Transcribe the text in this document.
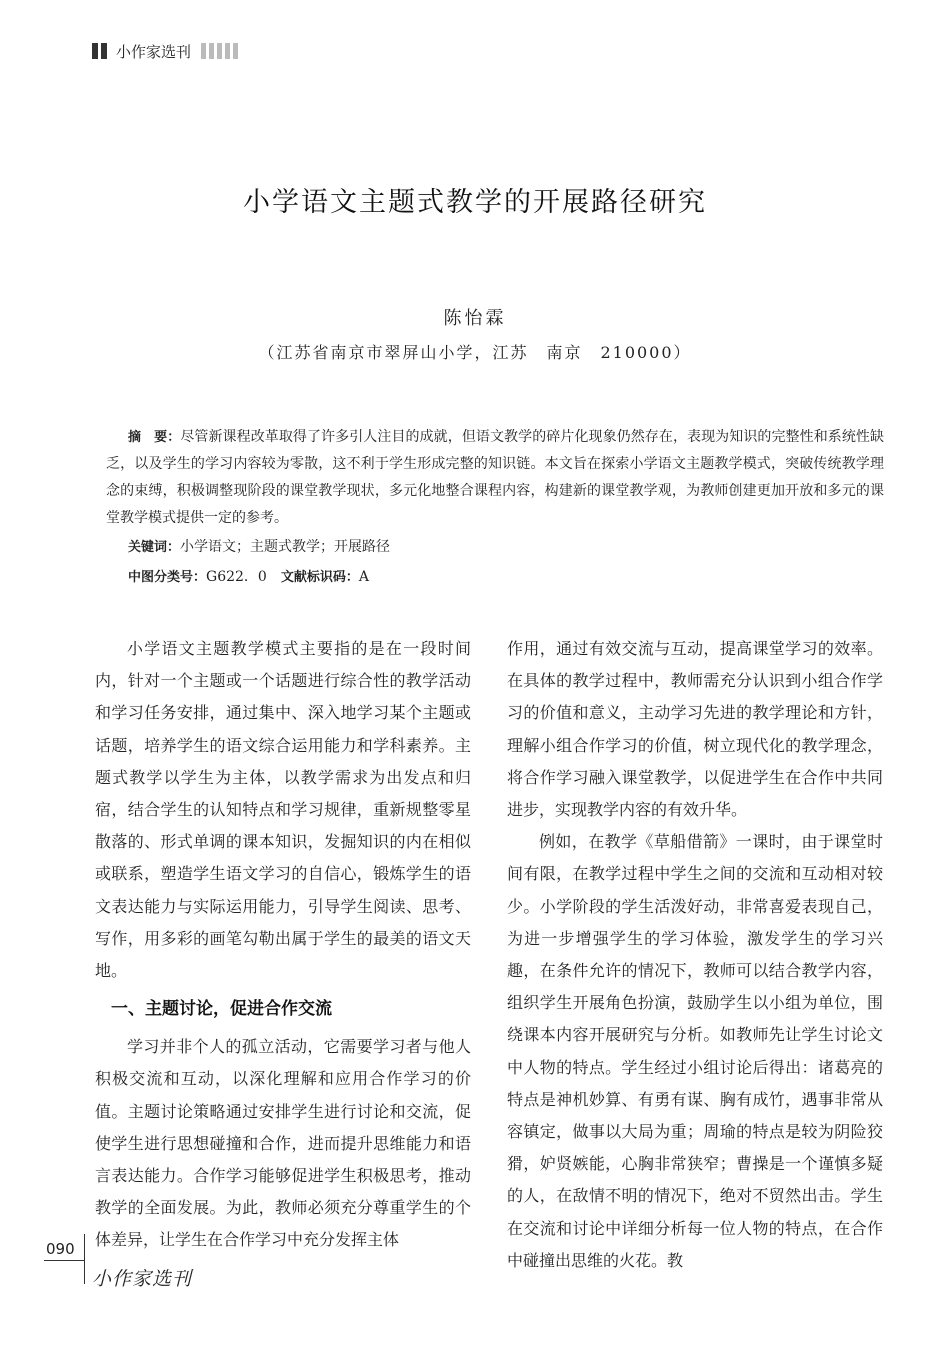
小作家选刊
小学语文主题式教学的开展路径研究
陈怡霖
（江苏省南京市翠屏山小学，江苏　南京　210000）

摘　要：尽管新课程改革取得了许多引人注目的成就，但语文教学的碎片化现象仍然存在，表现为知识的完整性和系统性缺乏，以及学生的学习内容较为零散，这不利于学生形成完整的知识链。本文旨在探索小学语文主题教学模式，突破传统教学理念的束缚，积极调整现阶段的课堂教学现状，多元化地整合课程内容，构建新的课堂教学观，为教师创建更加开放和多元的课堂教学模式提供一定的参考。

关键词：小学语文；主题式教学；开展路径
中图分类号：G622．0　 文献标识码：A

小学语文主题教学模式主要指的是在一段时间内，针对一个主题或一个话题进行综合性的教学活动和学习任务安排，通过集中、深入地学习某个主题或话题，培养学生的语文综合运用能力和学科素养。主题式教学以学生为主体，以教学需求为出发点和归宿，结合学生的认知特点和学习规律，重新规整零星散落的、形式单调的课本知识，发掘知识的内在相似或联系，塑造学生语文学习的自信心，锻炼学生的语文表达能力与实际运用能力，引导学生阅读、思考、写作，用多彩的画笔勾勒出属于学生的最美的语文天地。

一、主题讨论，促进合作交流

学习并非个人的孤立活动，它需要学习者与他人积极交流和互动，以深化理解和应用合作学习的价值。主题讨论策略通过安排学生进行讨论和交流，促使学生进行思想碰撞和合作，进而提升思维能力和语言表达能力。合作学习能够促进学生积极思考，推动教学的全面发展。为此，教师必须充分尊重学生的个体差异，让学生在合作学习中充分发挥主体

作用，通过有效交流与互动，提高课堂学习的效率。在具体的教学过程中，教师需充分认识到小组合作学习的价值和意义，主动学习先进的教学理论和方针，理解小组合作学习的价值，树立现代化的教学理念，将合作学习融入课堂教学，以促进学生在合作中共同进步，实现教学内容的有效升华。

例如，在教学《草船借箭》一课时，由于课堂时间有限，在教学过程中学生之间的交流和互动相对较少。小学阶段的学生活泼好动，非常喜爱表现自己，为进一步增强学生的学习体验，激发学生的学习兴趣，在条件允许的情况下，教师可以结合教学内容，组织学生开展角色扮演，鼓励学生以小组为单位，围绕课本内容开展研究与分析。如教师先让学生讨论文中人物的特点。学生经过小组讨论后得出：诸葛亮的特点是神机妙算、有勇有谋、胸有成竹，遇事非常从容镇定，做事以大局为重；周瑜的特点是较为阴险狡猾，妒贤嫉能，心胸非常狭窄；曹操是一个谨慎多疑的人，在敌情不明的情况下，绝对不贸然出击。学生在交流和讨论中详细分析每一位人物的特点，在合作中碰撞出思维的火花。教

090
小作家选刊
